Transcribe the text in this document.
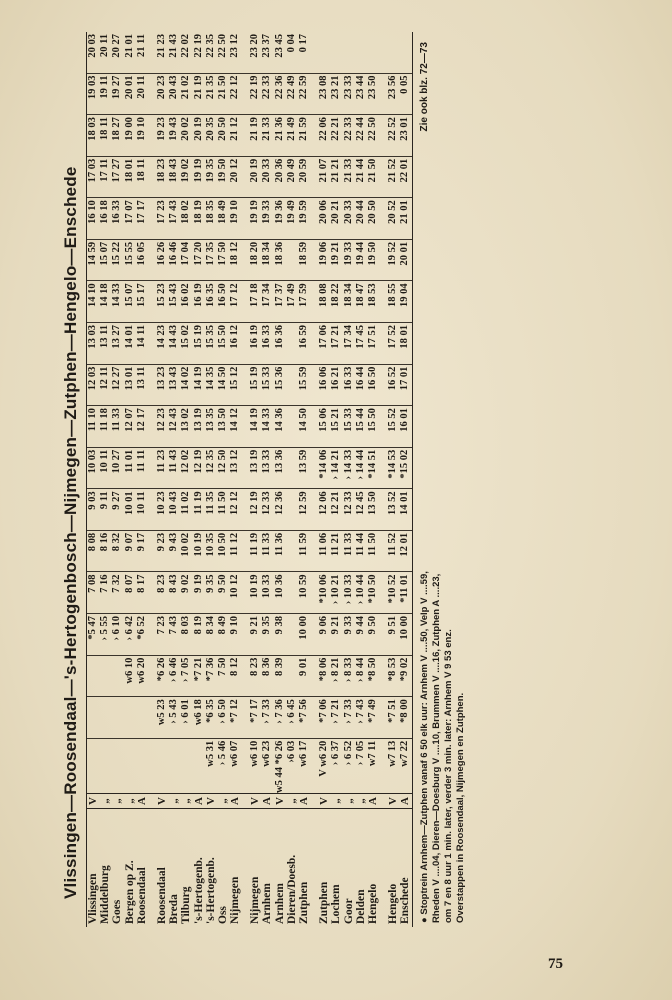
Vlissingen—Roosendaal—'s-Hertogenbosch—Nijmegen—Zutphen—Hengelo—Enschede Vlissingen Middelburg Goes Bergen op Z. Roosendaal Roosendaal Breda Tilburg 's-Hertogenb. 's-Hertogenb. Oss Nijmegen Nijmegen Arnhem Arnhem Dieren/Doesb. Zutphen Zutphen Lochem Goor Delden Hengelo Hengelo Enschede
V „ „ „ A V „ „ A V „ A V A V „ A V „ „ „ A V A
w5 31 › 5 46 w6 07 w6 10 w6 23 w5 44 *6 26 ›6 03 w6 17 V w6 20 › 6 37 › 6 52 › 7 05 w7 11 w7 13 w7 22
w5 23 › 5 43 › 6 01 w6 18 *6 35 › 6 50 *7 12 *7 17 › 7 33 › 7 36 › 6 45 *7 56 *7 06 › 7 21 › 7 33 › 7 43 *7 49 *7 51 *8 00
w6 10 w6 20 *6 26 › 6 46 › 7 05 *7 21 *7 36 7 50 8 12 8 23 8 36 8 39 9 01 *8 06 › 8 21 › 8 33 › 8 44 *8 50 *8 53 *9 02
*5 47 › 5 55 › 6 10 › 6 42 *6 52 7 23 7 43 8 03 8 19 8 34 8 49 9 10 9 21 9 35 9 38 10 00 9 06 9 21 9 33 9 44 9 50 9 51 10 00
7 08 7 16 7 32 8 07 8 17 8 23 8 43 9 02 9 19 9 35 9 50 10 12 10 19 10 33 10 36 10 59 *10 06 › 10 21 › 10 33 › 10 44 *10 50 *10 52 *11 01
8 08 8 16 8 32 9 07 9 17 9 23 9 43 10 02 10 19 10 35 10 50 11 12 11 19 11 33 11 36 11 59 11 06 11 21 11 33 11 44 11 50 11 52 12 01
9 03 9 11 9 27 10 01 10 11 10 23 10 43 11 02 11 19 11 35 11 50 12 12 12 19 12 33 12 36 12 59 12 06 12 21 12 33 12 45 13 50 13 52 14 01
10 03 10 11 10 27 11 01 11 11 11 23 11 43 12 02 12 19 12 35 12 50 13 12 13 19 13 33 13 36 13 59 *14 06 › 14 21 › 14 33 › 14 44 *14 51 *14 53 *15 02
11 10 11 18 11 33 12 07 12 17 12 23 12 43 13 02 13 19 13 35 13 50 14 12 14 19 14 33 14 36 14 50 15 06 15 21 15 33 15 44 15 50 15 52 16 01
12 03 12 11 12 27 13 01 13 11 13 23 13 43 14 02 14 19 14 35 14 50 15 12 15 19 15 33 15 36 15 59 16 06 16 21 16 33 16 44 16 50 16 52 17 01
13 03 13 11 13 27 14 01 14 11 14 23 14 43 15 02 15 19 15 35 15 50 16 12 16 19 16 33 16 36 16 59 17 06 17 21 17 34 17 45 17 51 17 52 18 01
14 10 14 18 14 33 15 07 15 17 15 23 15 43 16 02 16 19 16 35 16 50 17 12 17 18 17 34 17 37 17 49 17 59 18 08 18 22 18 34 18 47 18 53 18 55 19 04
14 59 15 07 15 22 15 55 16 05 16 26 16 46 17 04 17 20 17 35 17 50 18 12 18 20 18 34 18 36 18 59 19 06 19 21 19 33 19 44 19 50 19 52 20 01
16 10 16 18 16 33 17 07 17 17 17 23 17 43 18 02 18 19 18 35 18 49 19 10 19 19 19 33 19 36 19 49 19 59 20 06 20 21 20 33 20 44 20 50 20 52 21 01
17 03 17 11 17 27 18 01 18 11 18 23 18 43 19 02 19 19 19 35 19 50 20 12 20 19 20 33 20 36 20 49 20 59 21 07 21 21 21 33 21 44 21 50 21 52 22 01
18 03 18 11 18 27 19 00 19 10 19 23 19 43 20 02 20 19 20 35 20 50 21 12 21 19 21 33 21 36 21 49 21 59 22 06 22 21 22 33 22 44 22 50 22 52 23 01
19 03 19 11 19 27 20 01 20 11 20 23 20 43 21 02 21 19 21 35 21 50 22 12 22 19 22 33 22 36 22 49 22 59 23 08 23 21 23 33 23 44 23 50 23 56 0 05
20 03 20 11 20 27 21 01 21 11 21 23 21 43 22 02 22 19 22 35 22 50 23 12 23 20 23 37 23 45 0 04 0 17
● Stoptrein Arnhem—Zutphen vanaf 6 50 elk uur: Arnhem V ....50, Velp V ....59, Rheden V ....04, Dieren—Doesburg V ....10, Brummen V ....16, Zutphen A ....23, om 7 en 8 uur 1 min. later, verder 3 min. later: Arnhem V 9 53 enz. Overstappen in Roosendaal, Nijmegen en Zutphen.
Zie ook blz. 72—73
75
